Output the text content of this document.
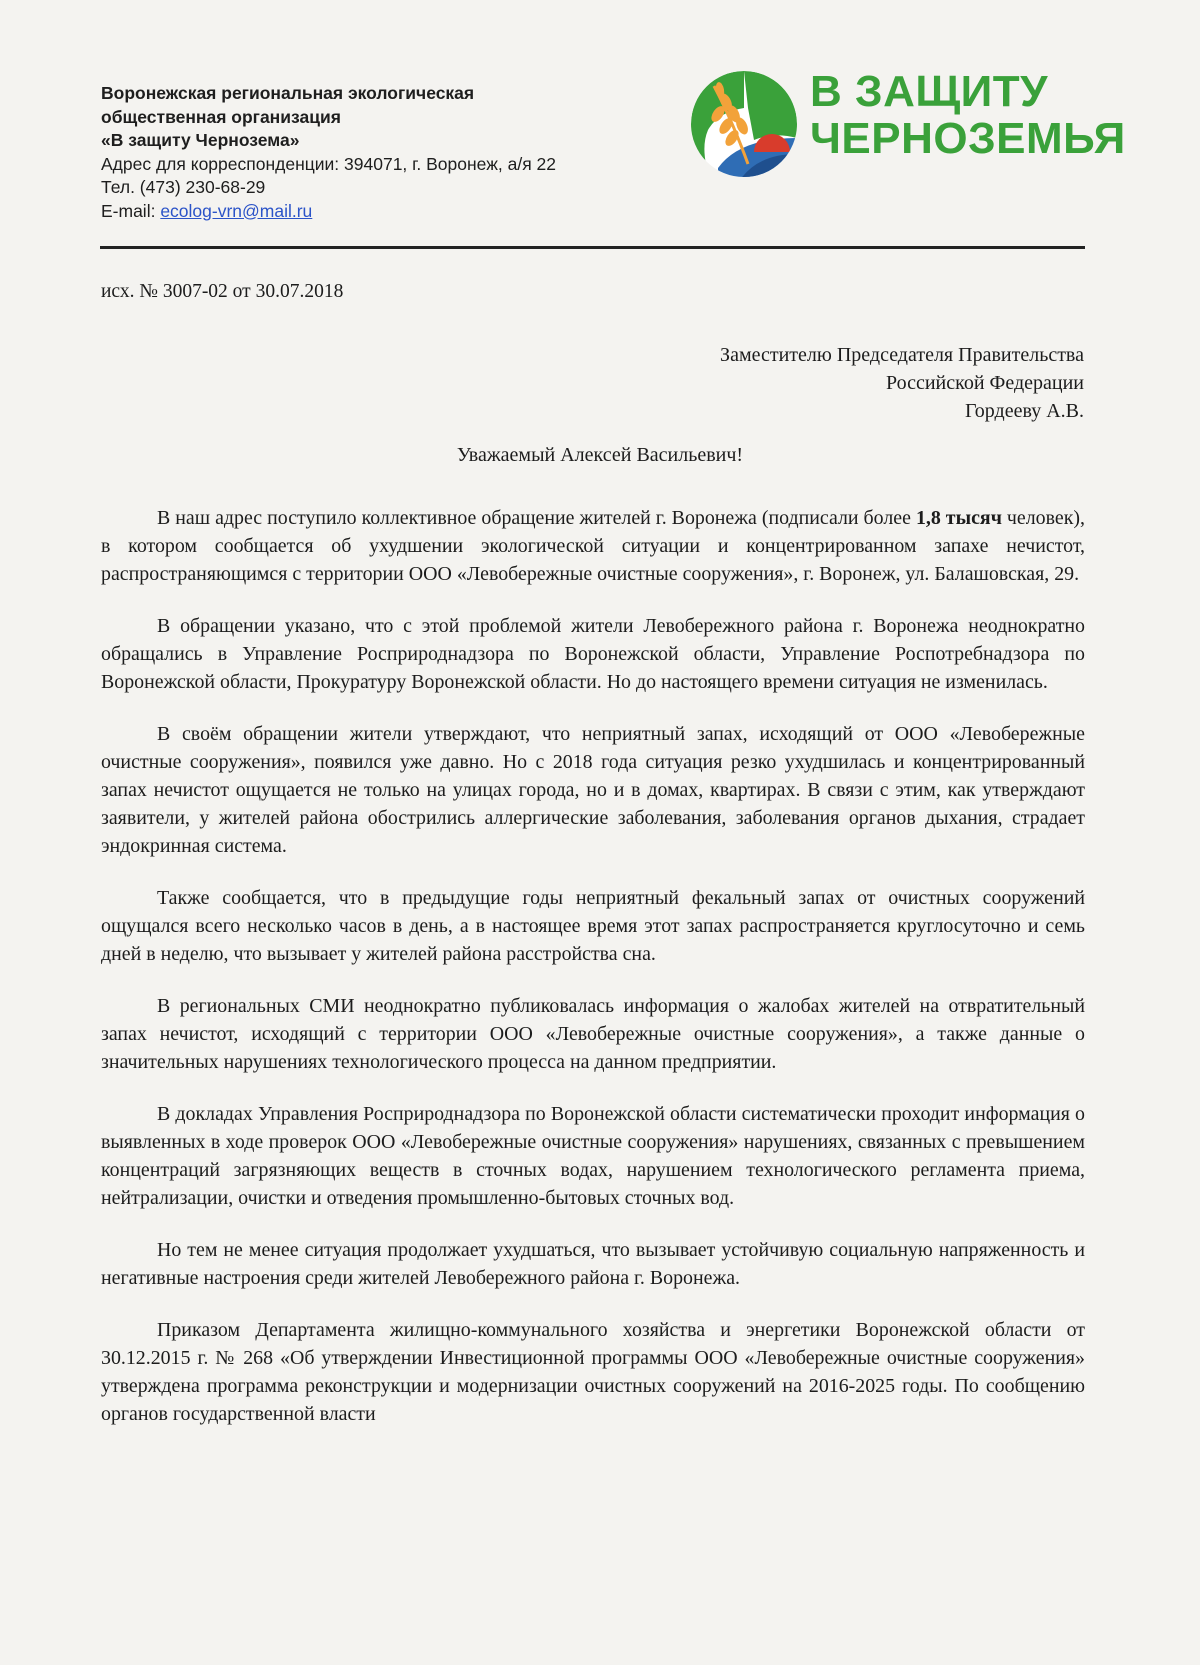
Воронежская региональная экологическая
общественная организация
«В защиту Чернозема»
Адрес для корреспонденции: 394071, г. Воронеж, а/я 22
Тел. (473) 230-68-29
E-mail: ecolog-vrn@mail.ru
В ЗАЩИТУ
ЧЕРНОЗЕМЬЯ
исх. № 3007-02 от 30.07.2018
Заместителю Председателя Правительства
Российской Федерации
Гордееву А.В.
Уважаемый Алексей Васильевич!

В наш адрес поступило коллективное обращение жителей г. Воронежа (подписали более 1,8 тысяч человек), в котором сообщается об ухудшении экологической ситуации и концентрированном запахе нечистот, распространяющимся с территории ООО «Левобережные очистные сооружения», г. Воронеж, ул. Балашовская, 29.

В обращении указано, что с этой проблемой жители Левобережного района г. Воронежа неоднократно обращались в Управление Росприроднадзора по Воронежской области, Управление Роспотребнадзора по Воронежской области, Прокуратуру Воронежской области. Но до настоящего времени ситуация не изменилась.

В своём обращении жители утверждают, что неприятный запах, исходящий от ООО «Левобережные очистные сооружения», появился уже давно. Но с 2018 года ситуация резко ухудшилась и концентрированный запах нечистот ощущается не только на улицах города, но и в домах, квартирах. В связи с этим, как утверждают заявители, у жителей района обострились аллергические заболевания, заболевания органов дыхания, страдает эндокринная система.

Также сообщается, что в предыдущие годы неприятный фекальный запах от очистных сооружений ощущался всего несколько часов в день, а в настоящее время этот запах распространяется круглосуточно и семь дней в неделю, что вызывает у жителей района расстройства сна.

В региональных СМИ неоднократно публиковалась информация о жалобах жителей на отвратительный запах нечистот, исходящий с территории ООО «Левобережные очистные сооружения», а также данные о значительных нарушениях технологического процесса на данном предприятии.

В докладах Управления Росприроднадзора по Воронежской области систематически проходит информация о выявленных в ходе проверок ООО «Левобережные очистные сооружения» нарушениях, связанных с превышением концентраций загрязняющих веществ в сточных водах, нарушением технологического регламента приема, нейтрализации, очистки и отведения промышленно-бытовых сточных вод.

Но тем не менее ситуация продолжает ухудшаться, что вызывает устойчивую социальную напряженность и негативные настроения среди жителей Левобережного района г. Воронежа.

Приказом Департамента жилищно-коммунального хозяйства и энергетики Воронежской области от 30.12.2015 г. № 268 «Об утверждении Инвестиционной программы ООО «Левобережные очистные сооружения» утверждена программа реконструкции и модернизации очистных сооружений на 2016-2025 годы. По сообщению органов государственной власти
